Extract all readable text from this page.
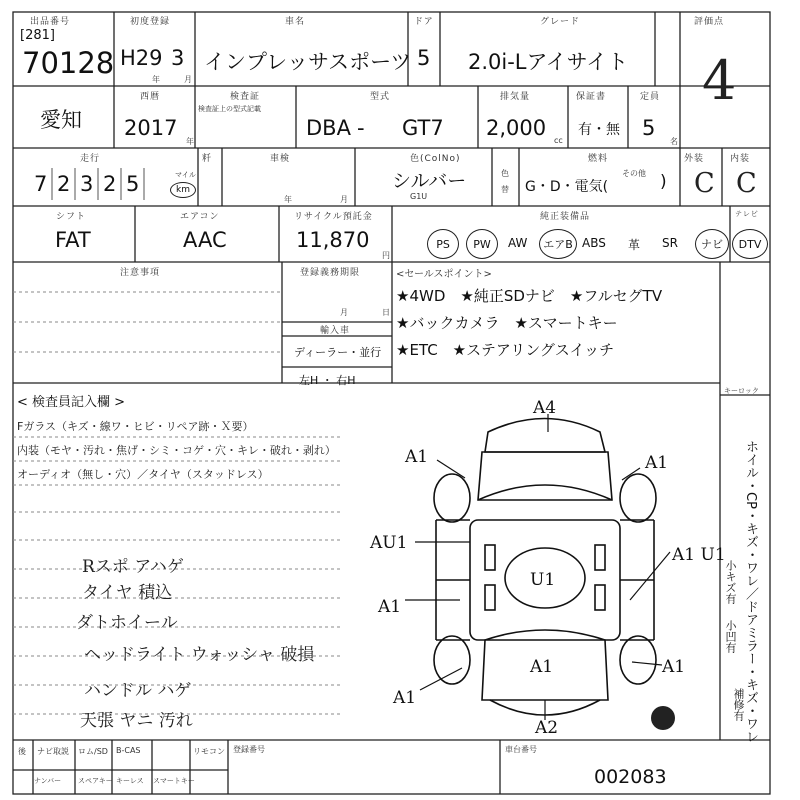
A4
A1	A1
AU1
A1 U1
U1
A1
A1	A1
A1
A2
出品番号
[281]
70128
初度登録
H29 3
年	月
車名
インプレッサスポーツ
ドア
5
グレード
2.0i-Lアイサイト
評価点
4
愛知
西暦
2017
年
検査証
検査証上の型式記載
型式
DBA - GT7
排気量
2,000
cc
保証書
有・無
定員
5
名
走行
7 2 3 2 5	マイル
km
粁	車検
年	月
色(ColNo)
シルバー
G1U
色
替
燃料
G・D・電気(
その他 )
外装
C
内装
C
シフト
FAT
エアコン
AAC
リサイクル預託金
11,870
円
純正装備品	テレビ
PS	PW	AW	エアB ABS 革 SR	ナビ	DTV
注意事項	登録義務期限
月	日
輸入車
ディーラー・並行
左H ・ 右H
<セールスポイント>
★4WD　★純正SDナビ　★フルセグTV
★バックカメラ　★スマートキー
★ETC　★ステアリングスイッチ
< 検査員記入欄 >
Fガラス（キズ・線ワ・ヒビ・リペア跡・Ｘ要）
内装（モヤ・汚れ・焦げ・シミ・コゲ・穴・キレ・破れ・剥れ）
オーディオ（無し・穴）／タイヤ（スタッドレス）
Rスポ アハゲ
タイヤ 積込
ダトホイール
ヘッドライト ウォッシャ 破損
ハンドル ハゲ
天張 ヤニ 汚れ
キーロック
ホイル・CP・キズ・ワレ／ドアミラー・キズ・ワレ
小キズ有
小凹有
補修有
後 ナビ取説 ロム/SD B-CAS	リモコン
ナンバー スペアキー キーレス スマートキー
登録番号	車台番号
002083
